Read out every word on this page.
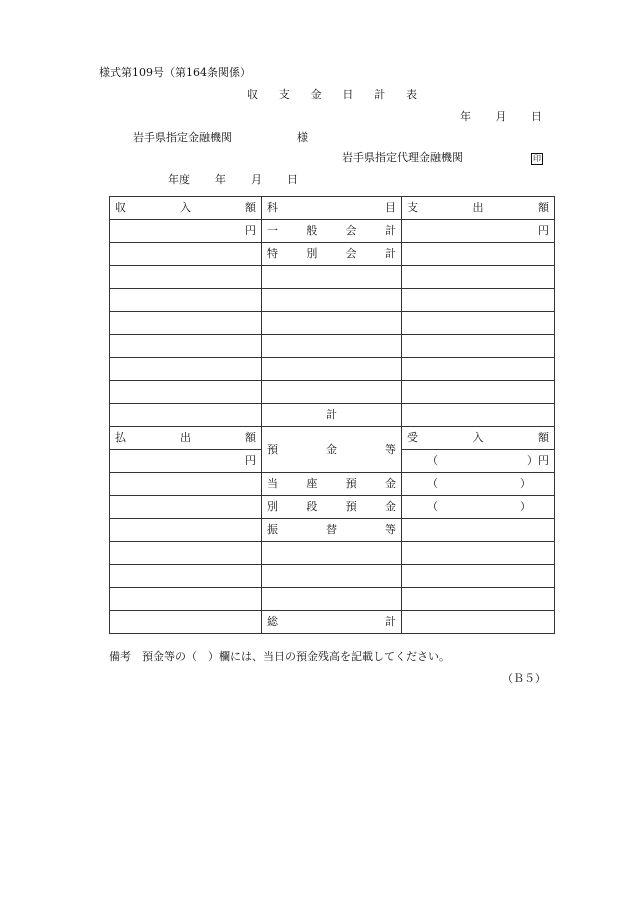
様式第109号（第164条関係）
収 支 金 日 計 表
年 月 日
岩手県指定金融機関	様
岩手県指定代理金融機関	印
年度 年 月 日
収 入 額	科 目	支 出 額

円	一 般 会 計	円

	特 別 会 計	

	計	

払 出 額	預 金 等	受 入 額

円		（ ）円

	当 座 預 金	（ ）

	別 段 預 金	（ ）

	振 替 等	

	総 計	

備考　預金等の（　）欄には、当日の預金残高を記載してください。
（Ｂ５）
